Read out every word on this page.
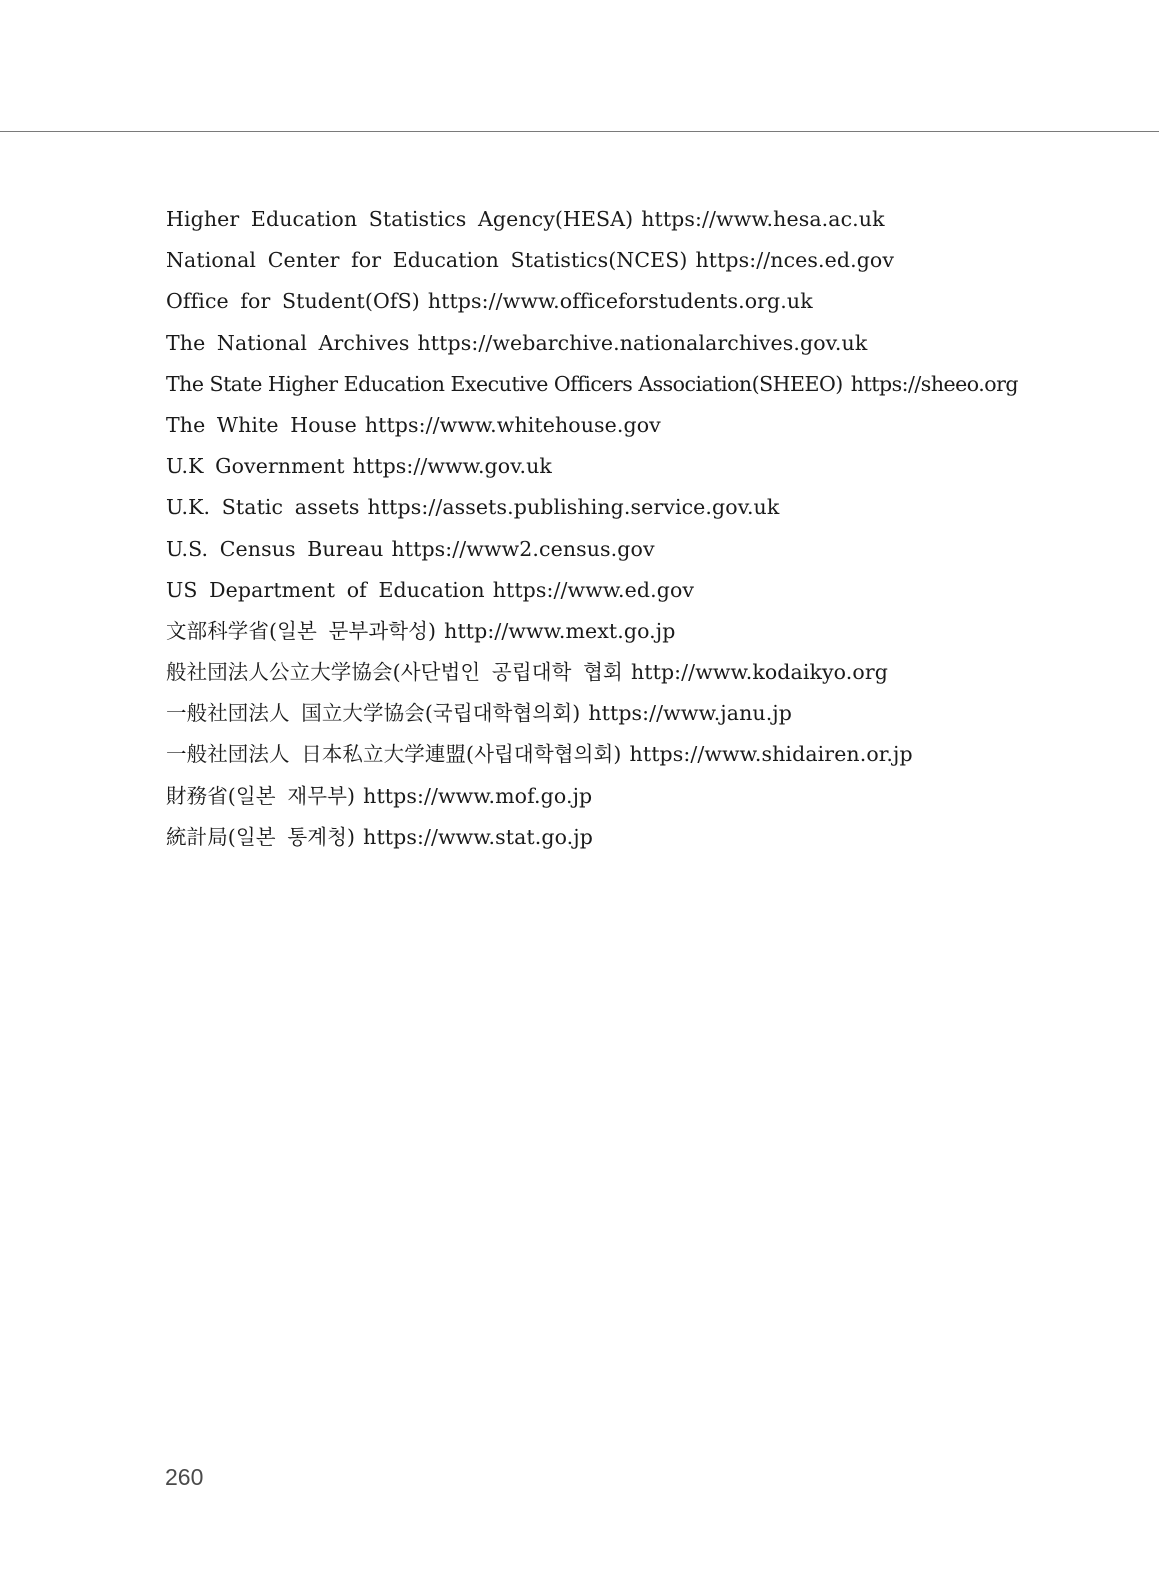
Higher Education Statistics Agency(HESA) https://www.hesa.ac.uk
National Center for Education Statistics(NCES) https://nces.ed.gov
Office for Student(OfS) https://www.officeforstudents.org.uk
The National Archives https://webarchive.nationalarchives.gov.uk
The State Higher Education Executive Officers Association(SHEEO) https://sheeo.org
The White House https://www.whitehouse.gov
U.K Government https://www.gov.uk
U.K. Static assets https://assets.publishing.service.gov.uk
U.S. Census Bureau https://www2.census.gov
US Department of Education https://www.ed.gov
文部科学省(일본 문부과학성) http://www.mext.go.jp
般社団法人公立大学協会(사단법인 공립대학 협회 http://www.kodaikyo.org
一般社団法人 国立大学協会(국립대학협의회) https://www.janu.jp
一般社団法人 日本私立大学連盟(사립대학협의회) https://www.shidairen.or.jp
財務省(일본 재무부) https://www.mof.go.jp
統計局(일본 통계청) https://www.stat.go.jp
260
